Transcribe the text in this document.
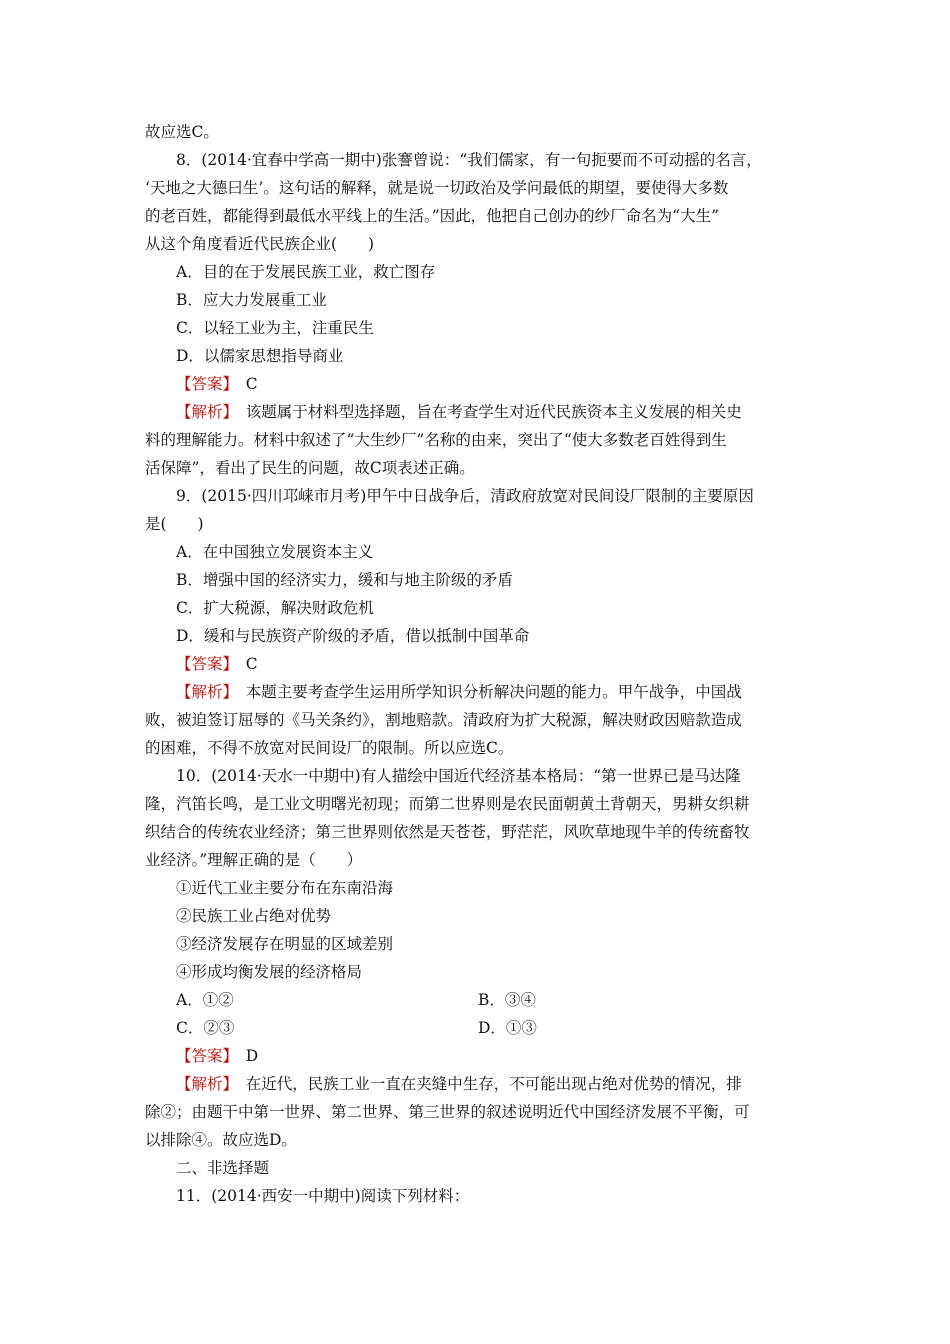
故应选C。
8．(2014·宜春中学高一期中)张謇曾说：“我们儒家，有一句扼要而不可动摇的名言，
‘天地之大德曰生’。这句话的解释，就是说一切政治及学问最低的期望，要使得大多数
的老百姓，都能得到最低水平线上的生活。”因此，他把自己创办的纱厂命名为“大生”
从这个角度看近代民族企业(　　)
A．目的在于发展民族工业，救亡图存
B．应大力发展重工业
C．以轻工业为主，注重民生
D．以儒家思想指导商业
【答案】　 C
【解析】　 该题属于材料型选择题，旨在考查学生对近代民族资本主义发展的相关史
料的理解能力。材料中叙述了“大生纱厂”名称的由来，突出了“使大多数老百姓得到生
活保障”，看出了民生的问题，故C项表述正确。
9．(2015·四川邛崃市月考)甲午中日战争后，清政府放宽对民间设厂限制的主要原因
是(　　)
A．在中国独立发展资本主义
B．增强中国的经济实力，缓和与地主阶级的矛盾
C．扩大税源，解决财政危机
D．缓和与民族资产阶级的矛盾，借以抵制中国革命
【答案】　 C
【解析】　 本题主要考查学生运用所学知识分析解决问题的能力。甲午战争，中国战
败，被迫签订屈辱的《马关条约》，割地赔款。清政府为扩大税源，解决财政因赔款造成
的困难，不得不放宽对民间设厂的限制。所以应选C。
10．(2014·天水一中期中)有人描绘中国近代经济基本格局：“第一世界已是马达隆
隆，汽笛长鸣，是工业文明曙光初现；而第二世界则是农民面朝黄土背朝天，男耕女织耕
织结合的传统农业经济；第三世界则依然是天苍苍，野茫茫，风吹草地现牛羊的传统畜牧
业经济。”理解正确的是（　　）
①近代工业主要分布在东南沿海
②民族工业占绝对优势
③经济发展存在明显的区域差别
④形成均衡发展的经济格局
A．①②	B．③④
C．②③	D．①③
【答案】　 D
【解析】　 在近代，民族工业一直在夹缝中生存，不可能出现占绝对优势的情况，排
除②；由题干中第一世界、第二世界、第三世界的叙述说明近代中国经济发展不平衡，可
以排除④。故应选D。
二、非选择题
11．(2014·西安一中期中)阅读下列材料：
